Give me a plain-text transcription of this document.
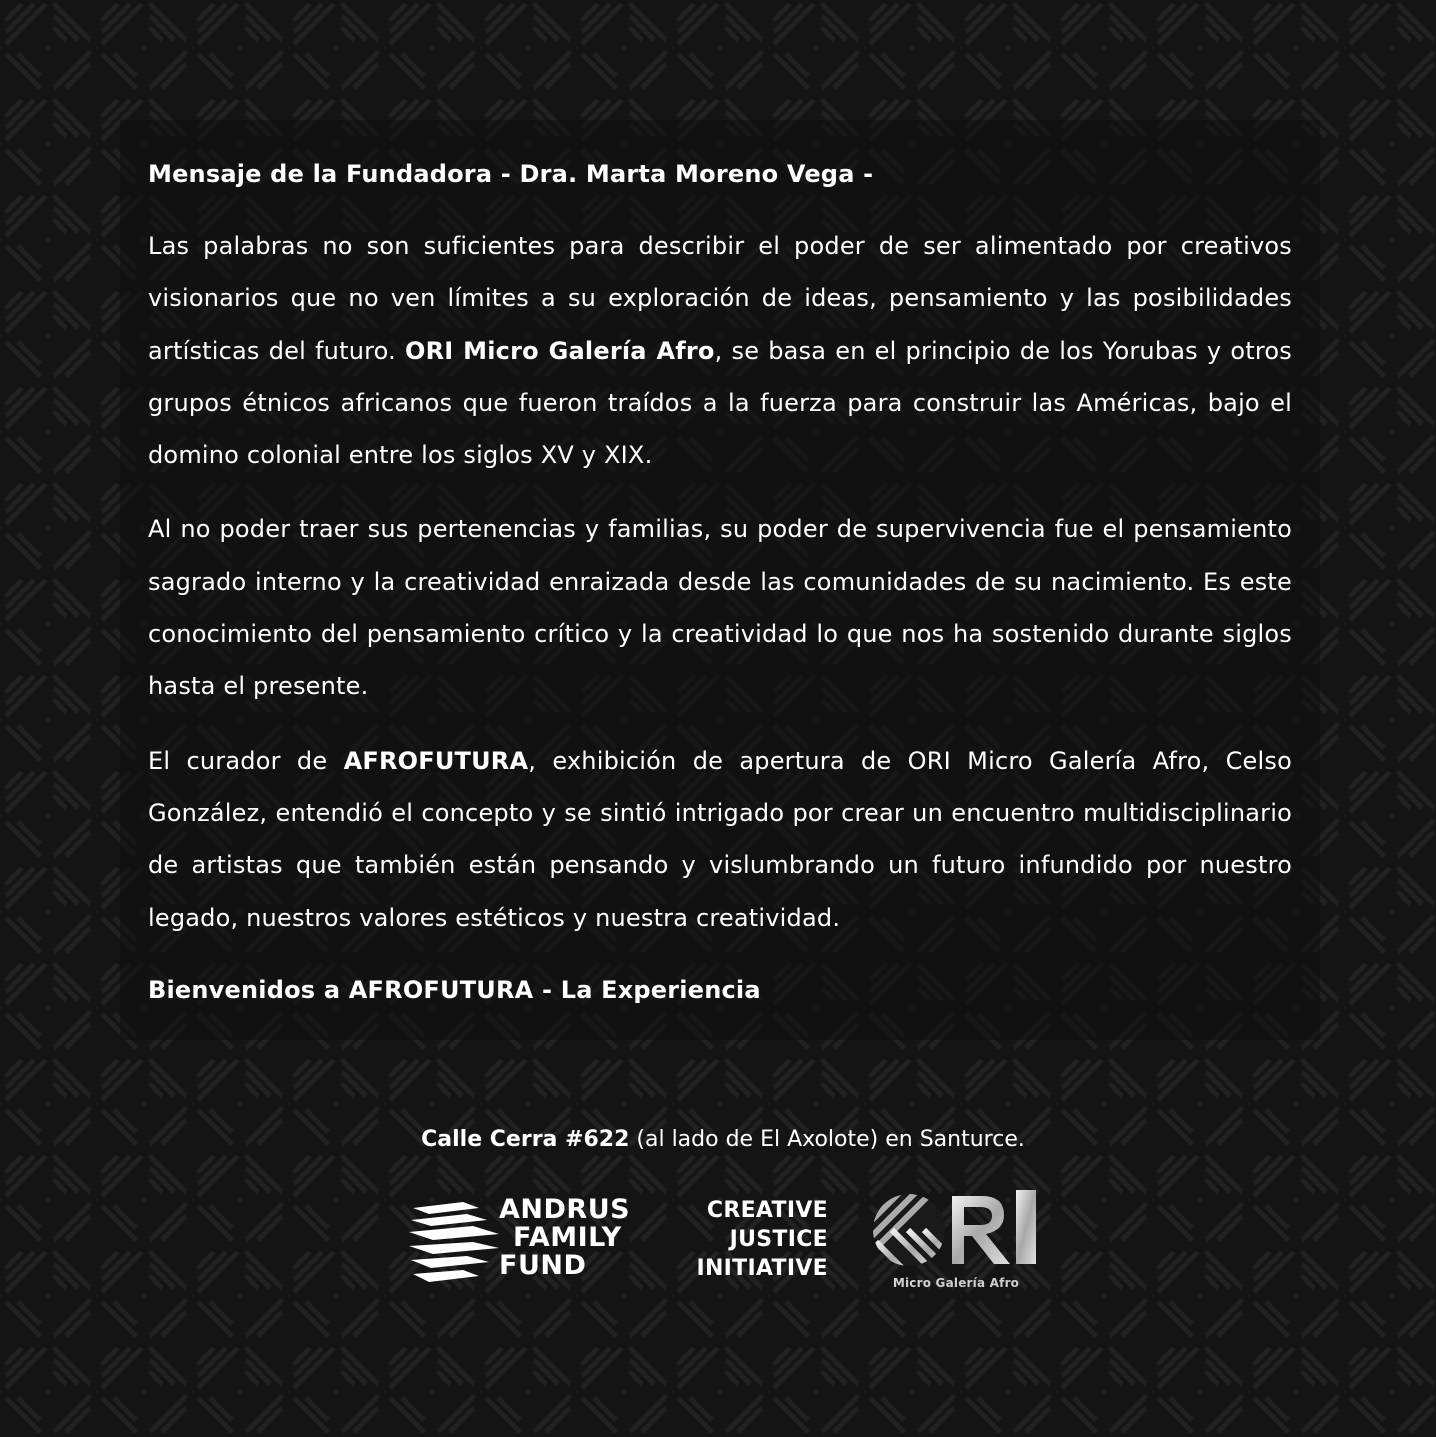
Mensaje de la Fundadora - Dra. Marta Moreno Vega -

Las palabras no son suficientes para describir el poder de ser alimentado por creativos visionarios que no ven límites a su exploración de ideas, pensamiento y las posibilidades artísticas del futuro. ORI Micro Galería Afro, se basa en el principio de los Yorubas y otros grupos étnicos africanos que fueron traídos a la fuerza para construir las Américas, bajo el domino colonial entre los siglos XV y XIX.

Al no poder traer sus pertenencias y familias, su poder de supervivencia fue el pensamiento sagrado interno y la creatividad enraizada desde las comunidades de su nacimiento. Es este conocimiento del pensamiento crítico y la creatividad lo que nos ha sostenido durante siglos hasta el presente.

El curador de AFROFUTURA, exhibición de apertura de ORI Micro Galería Afro, Celso González, entendió el concepto y se sintió intrigado por crear un encuentro multidisciplinario de artistas que también están pensando y vislumbrando un futuro infundido por nuestro legado, nuestros valores estéticos y nuestra creatividad.

Bienvenidos a AFROFUTURA - La Experiencia

Calle Cerra #622 (al lado de El Axolote) en Santurce.
ANDRUS
FAMILY
FUND
CREATIVE
JUSTICE
INITIATIVE
Micro Galería Afro
